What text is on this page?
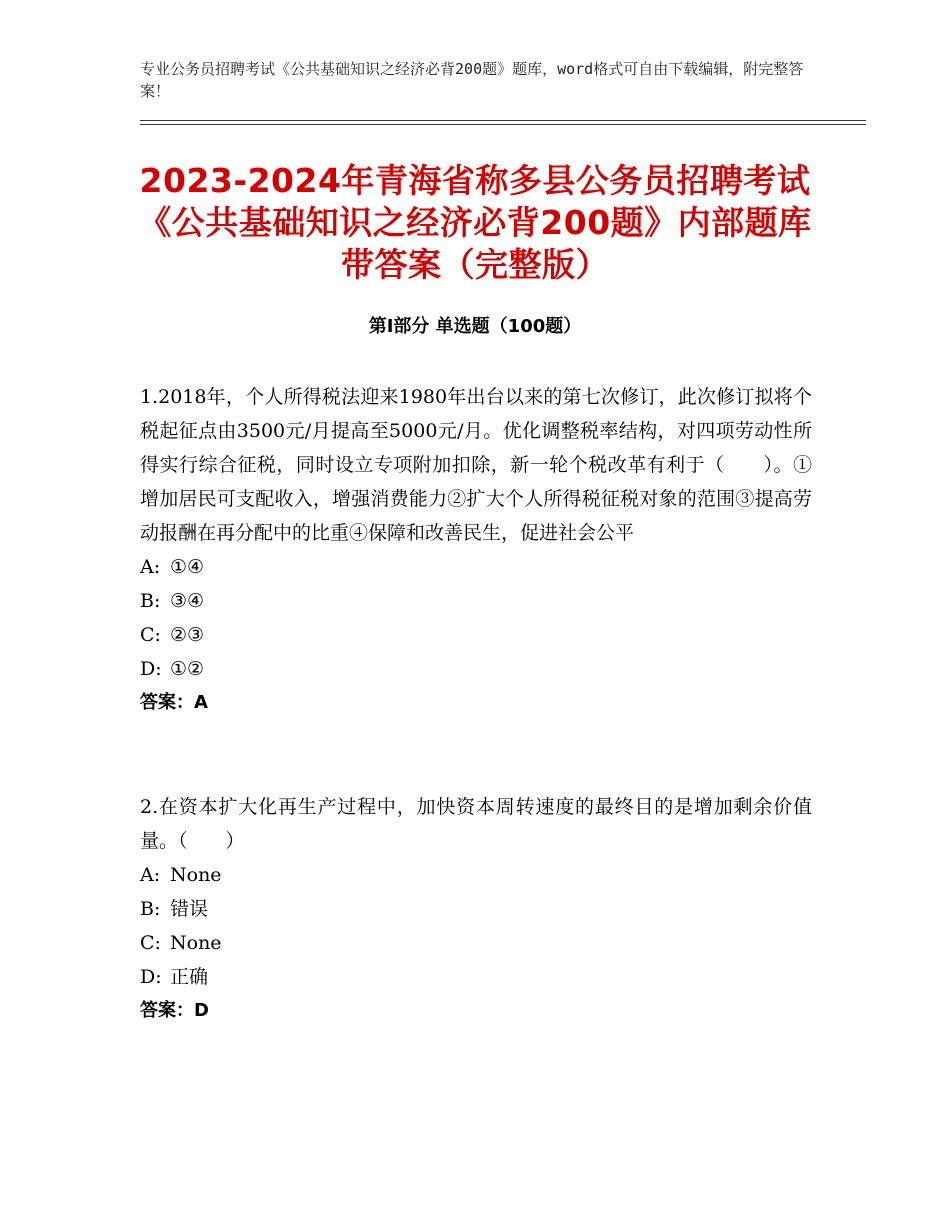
专业公务员招聘考试《公共基础知识之经济必背200题》题库，word格式可自由下载编辑，附完整答案！
2023-2024年青海省称多县公务员招聘考试《公共基础知识之经济必背200题》内部题库带答案（完整版）
第Ⅰ部分 单选题（100题）

1.2018年，个人所得税法迎来1980年出台以来的第七次修订，此次修订拟将个税起征点由3500元/月提高至5000元/月。优化调整税率结构，对四项劳动性所得实行综合征税，同时设立专项附加扣除，新一轮个税改革有利于（　　）。①增加居民可支配收入，增强消费能力②扩大个人所得税征税对象的范围③提高劳动报酬在再分配中的比重④保障和改善民生，促进社会公平

A: ①④

B: ③④

C: ②③

D: ①②

答案：A

2.在资本扩大化再生产过程中，加快资本周转速度的最终目的是增加剩余价值量。（　　）

A: None

B: 错误

C: None

D: 正确

答案：D
